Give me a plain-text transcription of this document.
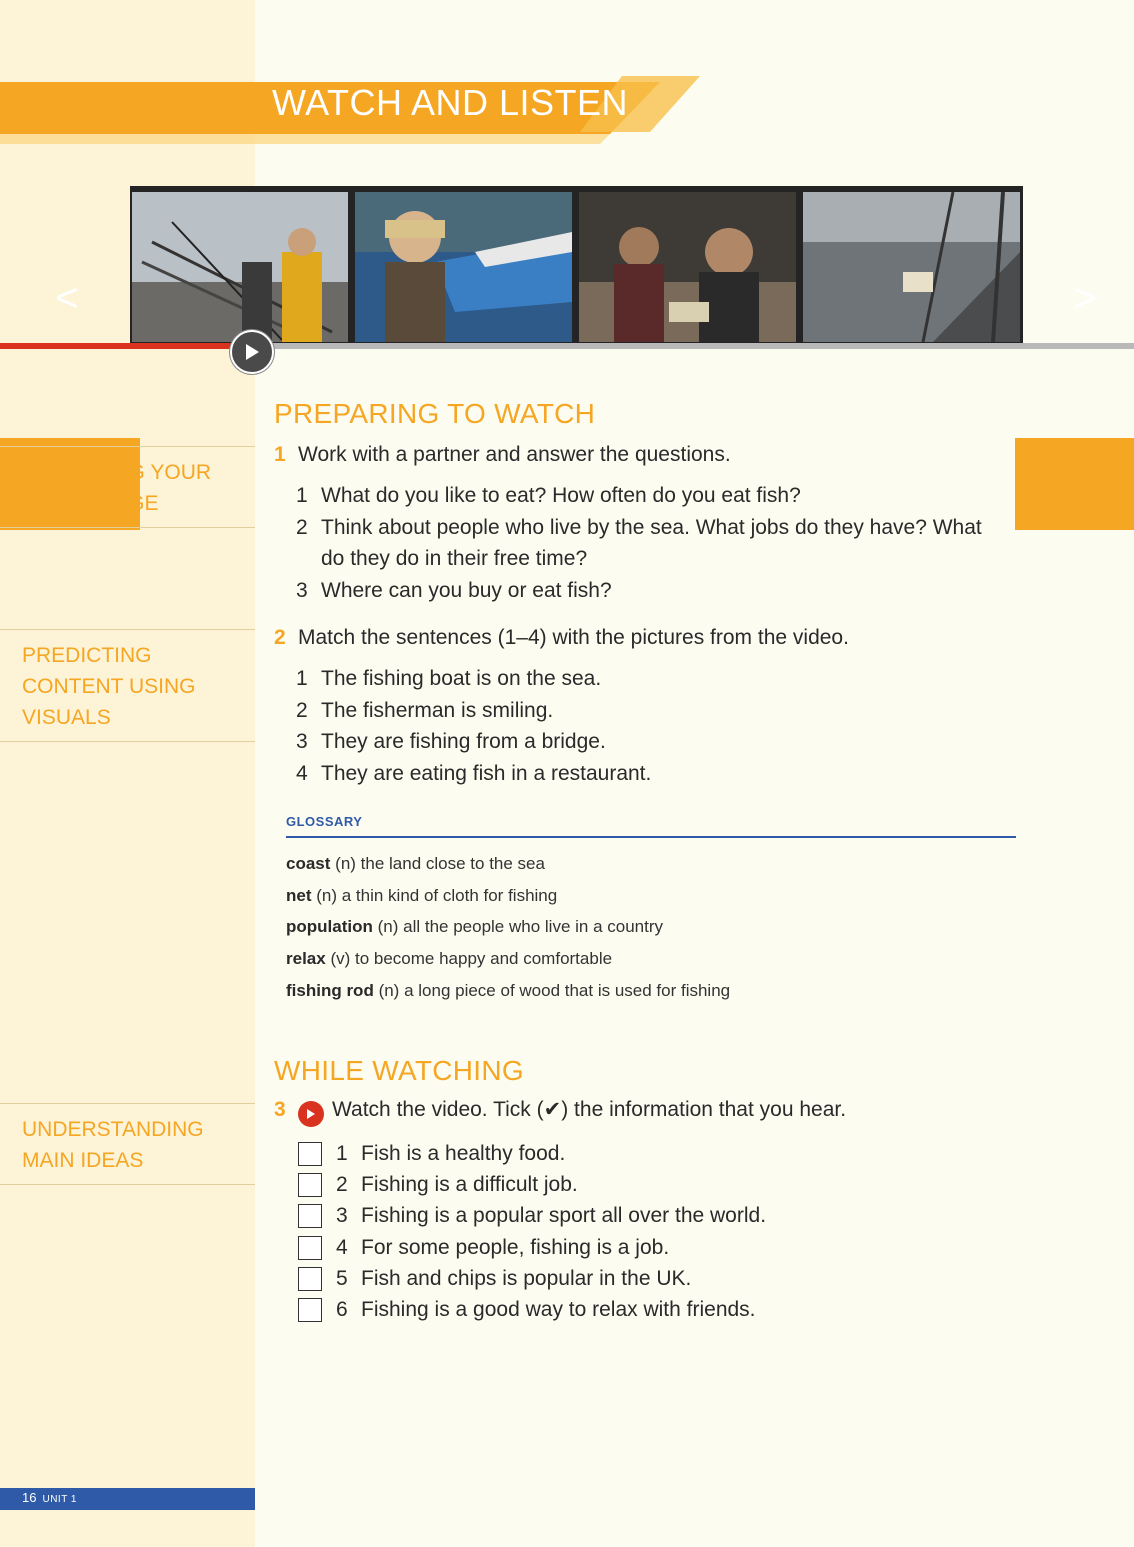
WATCH AND LISTEN
<	>
ACTIVATING YOUR
KNOWLEDGE
PREDICTING
CONTENT USING
VISUALS
UNDERSTANDING
MAIN IDEAS
PREPARING TO WATCH
1 Work with a partner and answer the questions.
1 What do you like to eat? How often do you eat fish?
2 Think about people who live by the sea. What jobs do they have? What do they do in their free time?
3 Where can you buy or eat fish?
2 Match the sentences (1–4) with the pictures from the video.
1 The fishing boat is on the sea.
2 The fisherman is smiling.
3 They are fishing from a bridge.
4 They are eating fish in a restaurant.
GLOSSARY
coast (n) the land close to the sea
net (n) a thin kind of cloth for fishing
population (n) all the people who live in a country
relax (v) to become happy and comfortable
fishing rod (n) a long piece of wood that is used for fishing
WHILE WATCHING
3 Watch the video. Tick (✔) the information that you hear.
1 Fish is a healthy food.
2 Fishing is a difficult job.
3 Fishing is a popular sport all over the world.
4 For some people, fishing is a job.
5 Fish and chips is popular in the UK.
6 Fishing is a good way to relax with friends.
16 UNIT 1
